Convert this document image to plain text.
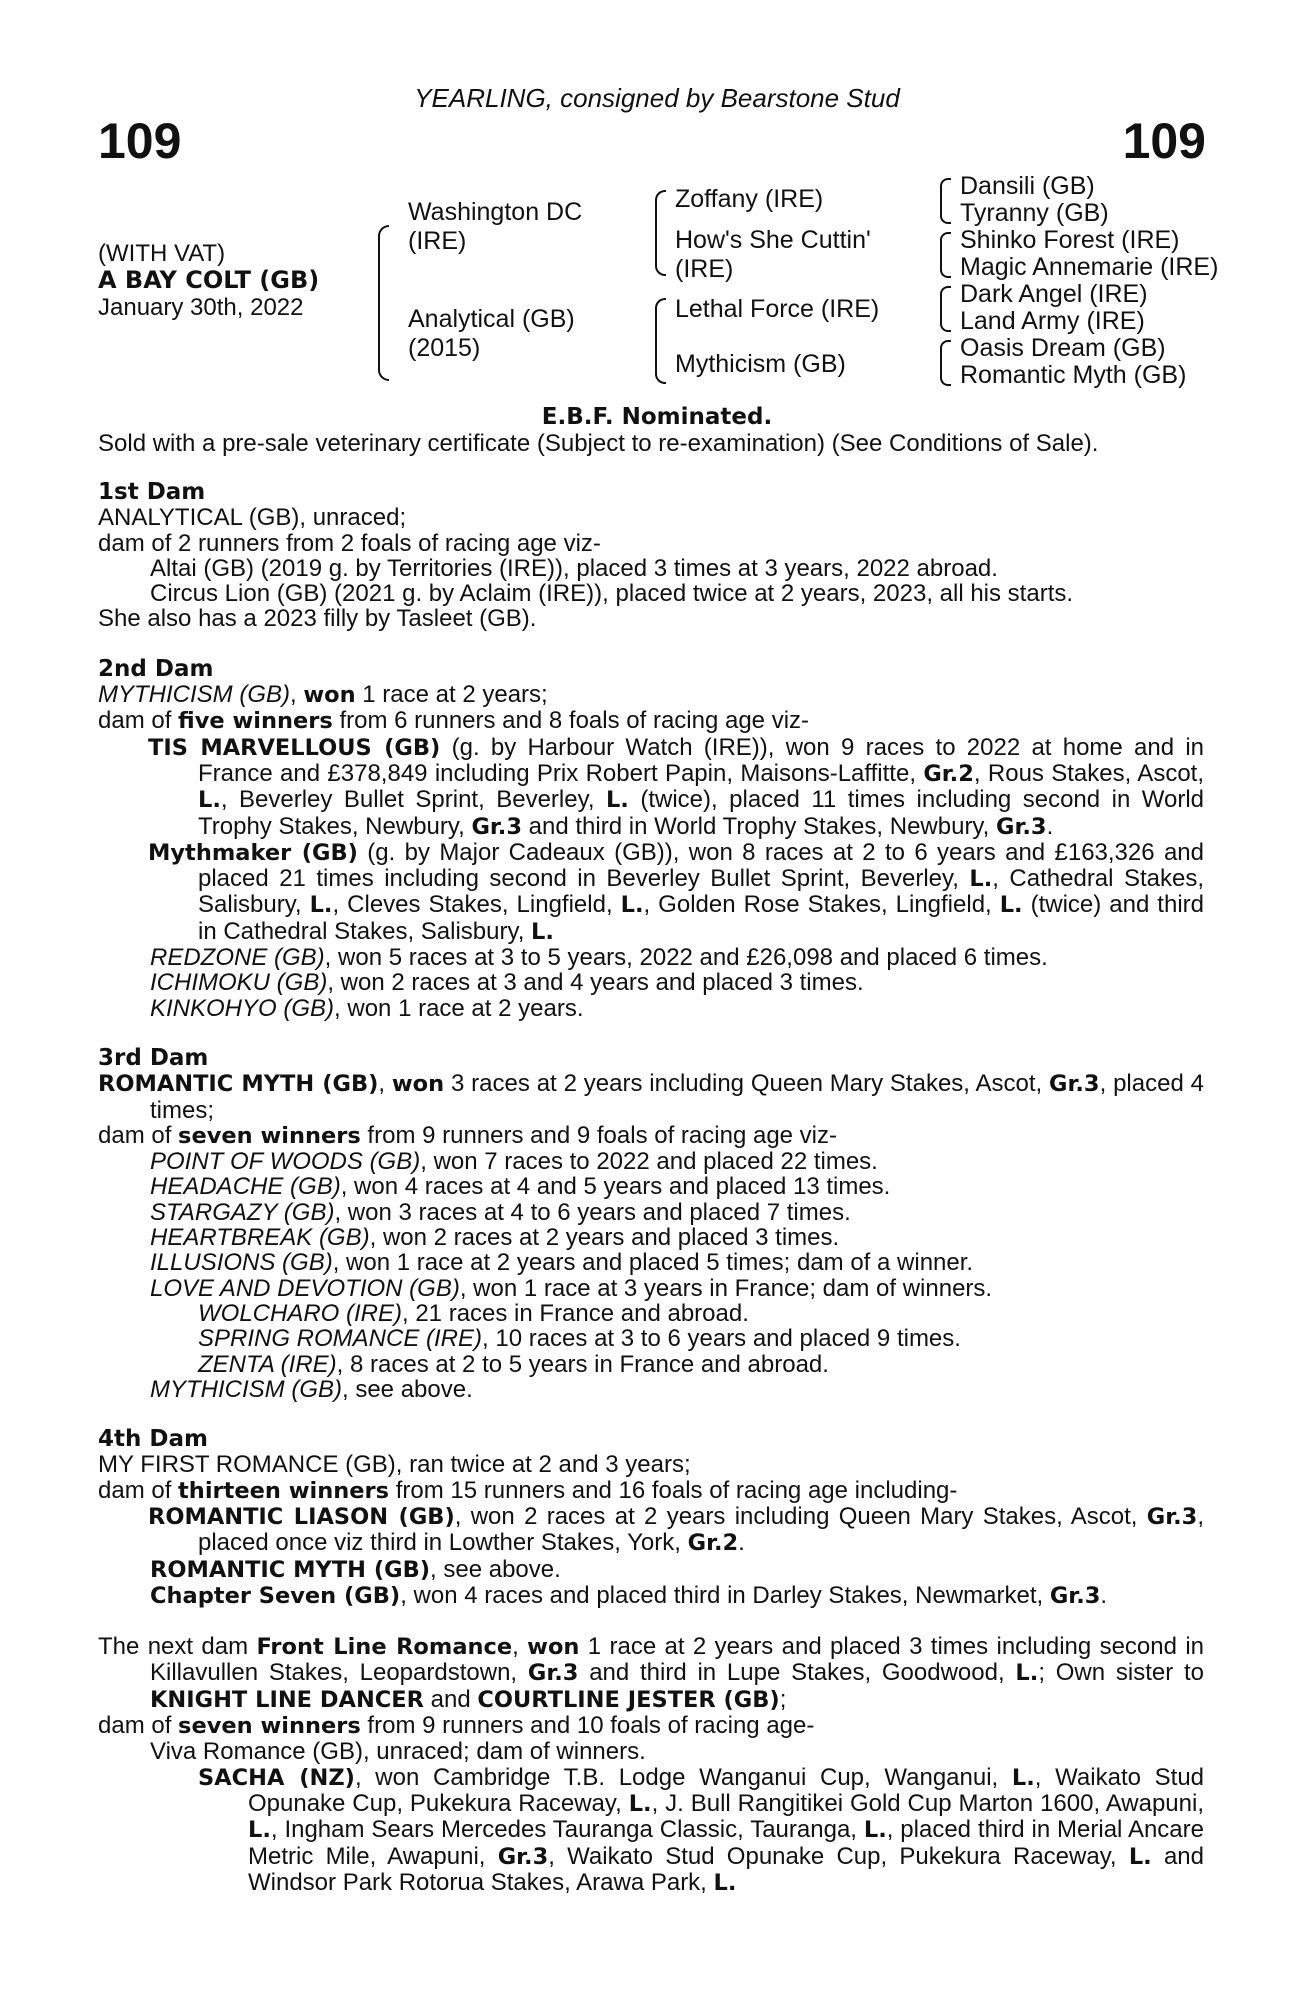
YEARLING, consigned by Bearstone Stud
109	109
(WITH VAT)
A BAY COLT (GB)
January 30th, 2022
Washington DC
(IRE)
Analytical (GB)
(2015)
Zoffany (IRE)
How's She Cuttin'
(IRE)
Lethal Force (IRE)
Mythicism (GB)
Dansili (GB)
Tyranny (GB)
Shinko Forest (IRE)
Magic Annemarie (IRE)
Dark Angel (IRE)
Land Army (IRE)
Oasis Dream (GB)
Romantic Myth (GB)
E.B.F. Nominated.
Sold with a pre-sale veterinary certificate (Subject to re-examination) (See Conditions of Sale).

1st Dam

ANALYTICAL (GB), unraced;

dam of 2 runners from 2 foals of racing age viz-

Altai (GB) (2019 g. by Territories (IRE)), placed 3 times at 3 years, 2022 abroad.

Circus Lion (GB) (2021 g. by Aclaim (IRE)), placed twice at 2 years, 2023, all his starts.

She also has a 2023 filly by Tasleet (GB).

2nd Dam

MYTHICISM (GB), won 1 race at 2 years;

dam of five winners from 6 runners and 8 foals of racing age viz-

TIS MARVELLOUS (GB) (g. by Harbour Watch (IRE)), won 9 races to 2022 at home and in France and £378,849 including Prix Robert Papin, Maisons-Laffitte, Gr.2, Rous Stakes, Ascot, L., Beverley Bullet Sprint, Beverley, L. (twice), placed 11 times including second in World Trophy Stakes, Newbury, Gr.3 and third in World Trophy Stakes, Newbury, Gr.3.

Mythmaker (GB) (g. by Major Cadeaux (GB)), won 8 races at 2 to 6 years and £163,326 and placed 21 times including second in Beverley Bullet Sprint, Beverley, L., Cathedral Stakes, Salisbury, L., Cleves Stakes, Lingfield, L., Golden Rose Stakes, Lingfield, L. (twice) and third in Cathedral Stakes, Salisbury, L.

REDZONE (GB), won 5 races at 3 to 5 years, 2022 and £26,098 and placed 6 times.

ICHIMOKU (GB), won 2 races at 3 and 4 years and placed 3 times.

KINKOHYO (GB), won 1 race at 2 years.

3rd Dam

ROMANTIC MYTH (GB), won 3 races at 2 years including Queen Mary Stakes, Ascot, Gr.3, placed 4 times;

dam of seven winners from 9 runners and 9 foals of racing age viz-

POINT OF WOODS (GB), won 7 races to 2022 and placed 22 times.

HEADACHE (GB), won 4 races at 4 and 5 years and placed 13 times.

STARGAZY (GB), won 3 races at 4 to 6 years and placed 7 times.

HEARTBREAK (GB), won 2 races at 2 years and placed 3 times.

ILLUSIONS (GB), won 1 race at 2 years and placed 5 times; dam of a winner.

LOVE AND DEVOTION (GB), won 1 race at 3 years in France; dam of winners.

WOLCHARO (IRE), 21 races in France and abroad.

SPRING ROMANCE (IRE), 10 races at 3 to 6 years and placed 9 times.

ZENTA (IRE), 8 races at 2 to 5 years in France and abroad.

MYTHICISM (GB), see above.

4th Dam

MY FIRST ROMANCE (GB), ran twice at 2 and 3 years;

dam of thirteen winners from 15 runners and 16 foals of racing age including-

ROMANTIC LIASON (GB), won 2 races at 2 years including Queen Mary Stakes, Ascot, Gr.3, placed once viz third in Lowther Stakes, York, Gr.2.

ROMANTIC MYTH (GB), see above.

Chapter Seven (GB), won 4 races and placed third in Darley Stakes, Newmarket, Gr.3.

The next dam Front Line Romance, won 1 race at 2 years and placed 3 times including second in Killavullen Stakes, Leopardstown, Gr.3 and third in Lupe Stakes, Goodwood, L.; Own sister to KNIGHT LINE DANCER and COURTLINE JESTER (GB);

dam of seven winners from 9 runners and 10 foals of racing age-

Viva Romance (GB), unraced; dam of winners.

SACHA (NZ), won Cambridge T.B. Lodge Wanganui Cup, Wanganui, L., Waikato Stud Opunake Cup, Pukekura Raceway, L., J. Bull Rangitikei Gold Cup Marton 1600, Awapuni, L., Ingham Sears Mercedes Tauranga Classic, Tauranga, L., placed third in Merial Ancare Metric Mile, Awapuni, Gr.3, Waikato Stud Opunake Cup, Pukekura Raceway, L. and Windsor Park Rotorua Stakes, Arawa Park, L.
